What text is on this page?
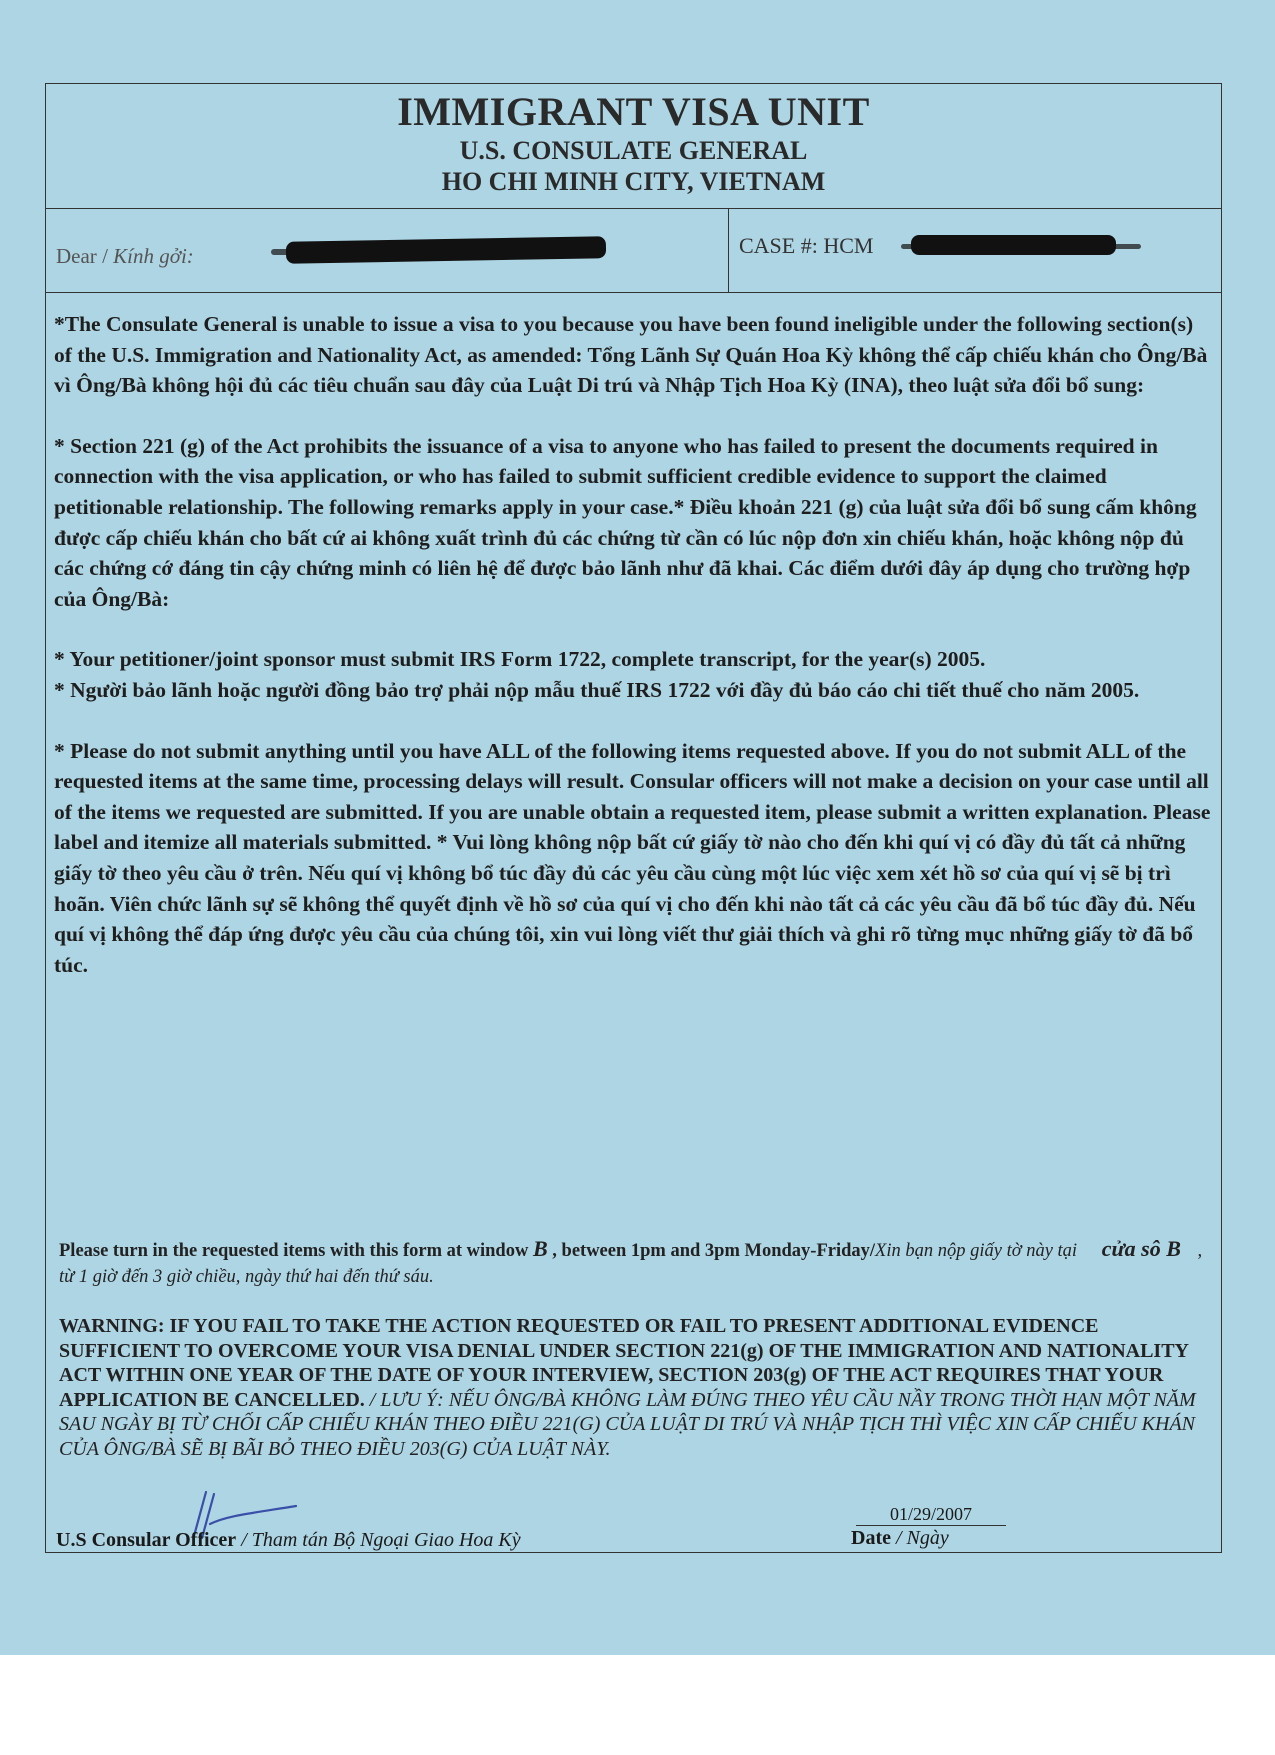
IMMIGRANT VISA UNIT
U.S. CONSULATE GENERAL
HO CHI MINH CITY, VIETNAM
Dear / Kính gởi:	CASE #: HCM

*The Consulate General is unable to issue a visa to you because you have been found ineligible under the following section(s) of the U.S. Immigration and Nationality Act, as amended: Tổng Lãnh Sự Quán Hoa Kỳ không thể cấp chiếu khán cho Ông/Bà vì Ông/Bà không hội đủ các tiêu chuẩn sau đây của Luật Di trú và Nhập Tịch Hoa Kỳ (INA), theo luật sửa đổi bổ sung:

* Section 221 (g) of the Act prohibits the issuance of a visa to anyone who has failed to present the documents required in connection with the visa application, or who has failed to submit sufficient credible evidence to support the claimed petitionable relationship. The following remarks apply in your case.* Điều khoản 221 (g) của luật sửa đổi bổ sung cấm không được cấp chiếu khán cho bất cứ ai không xuất trình đủ các chứng từ cần có lúc nộp đơn xin chiếu khán, hoặc không nộp đủ các chứng cớ đáng tin cậy chứng minh có liên hệ để được bảo lãnh như đã khai. Các điểm dưới đây áp dụng cho trường hợp của Ông/Bà:

* Your petitioner/joint sponsor must submit IRS Form 1722, complete transcript, for the year(s) 2005.
* Người bảo lãnh hoặc người đồng bảo trợ phải nộp mẫu thuế IRS 1722 với đầy đủ báo cáo chi tiết thuế cho năm 2005.

* Please do not submit anything until you have ALL of the following items requested above. If you do not submit ALL of the requested items at the same time, processing delays will result. Consular officers will not make a decision on your case until all of the items we requested are submitted. If you are unable obtain a requested item, please submit a written explanation. Please label and itemize all materials submitted. * Vui lòng không nộp bất cứ giấy tờ nào cho đến khi quí vị có đầy đủ tất cả những giấy tờ theo yêu cầu ở trên. Nếu quí vị không bổ túc đầy đủ các yêu cầu cùng một lúc việc xem xét hồ sơ của quí vị sẽ bị trì hoãn. Viên chức lãnh sự sẽ không thể quyết định về hồ sơ của quí vị cho đến khi nào tất cả các yêu cầu đã bổ túc đầy đủ. Nếu quí vị không thể đáp ứng được yêu cầu của chúng tôi, xin vui lòng viết thư giải thích và ghi rõ từng mục những giấy tờ đã bổ túc.

Please turn in the requested items with this form at window B , between 1pm and 3pm Monday-Friday/Xin bạn nộp giấy tờ này tại cửa sô B , từ 1 giờ đến 3 giờ chiều, ngày thứ hai đến thứ sáu.
WARNING: IF YOU FAIL TO TAKE THE ACTION REQUESTED OR FAIL TO PRESENT ADDITIONAL EVIDENCE SUFFICIENT TO OVERCOME YOUR VISA DENIAL UNDER SECTION 221(g) OF THE IMMIGRATION AND NATIONALITY ACT WITHIN ONE YEAR OF THE DATE OF YOUR INTERVIEW, SECTION 203(g) OF THE ACT REQUIRES THAT YOUR APPLICATION BE CANCELLED. / LƯU Ý: NẾU ÔNG/BÀ KHÔNG LÀM ĐÚNG THEO YÊU CẦU NẦY TRONG THỜI HẠN MỘT NĂM SAU NGÀY BỊ TỪ CHỐI CẤP CHIẾU KHÁN THEO ĐIỀU 221(G) CỦA LUẬT DI TRÚ VÀ NHẬP TỊCH THÌ VIỆC XIN CẤP CHIẾU KHÁN CỦA ÔNG/BÀ SẼ BỊ BÃI BỎ THEO ĐIỀU 203(G) CỦA LUẬT NÀY.
U.S Consular Officer / Tham tán Bộ Ngoại Giao Hoa Kỳ
01/29/2007
Date / Ngày
